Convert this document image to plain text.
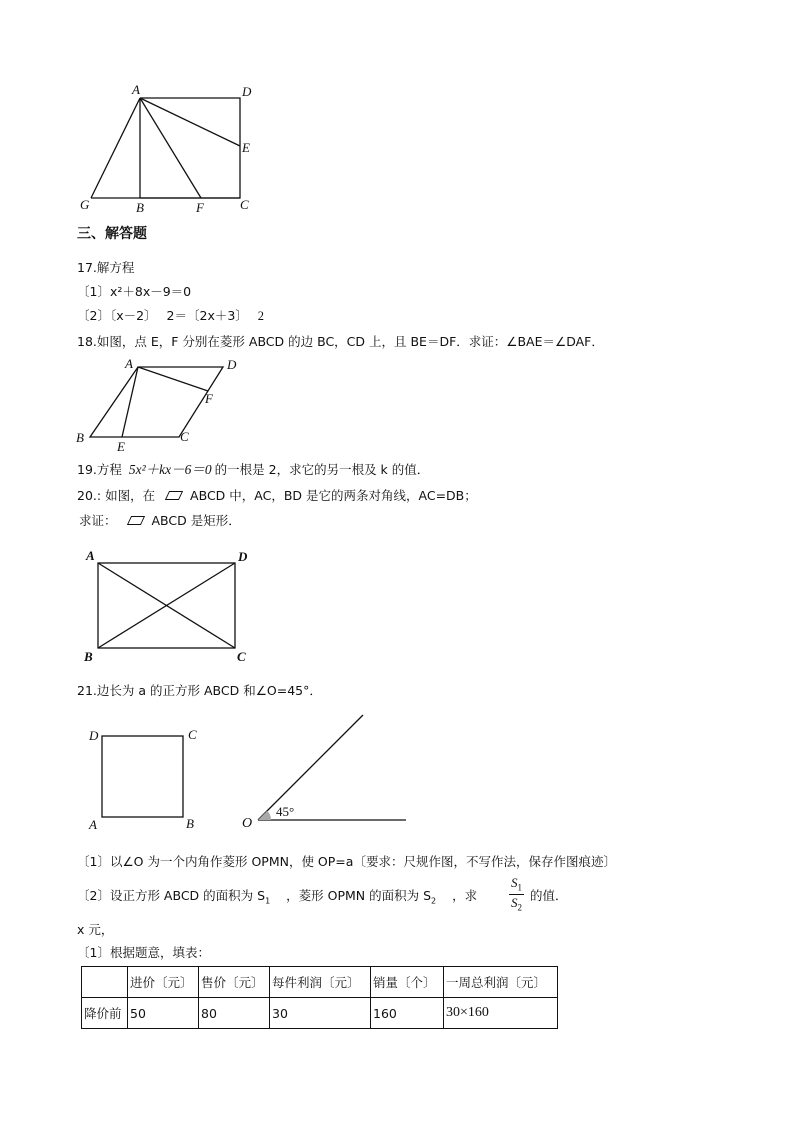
A	D
E
G	B	F	C
三、解答题
17.解方程
〔1〕x²＋8x－9＝0
〔2〕〔x－2〕 2＝〔2x＋3〕 2
18.如图，点 E，F 分别在菱形 ABCD 的边 BC，CD 上，且 BE＝DF．求证：∠BAE＝∠DAF．
A	D
F
B
E
C
19.方程 5x²＋kx－6＝0 的一根是 2，求它的另一根及 k 的值．
20.: 如图，在	ABCD 中，AC，BD 是它的两条对角线，AC=DB；
求证：	ABCD 是矩形．
A	D
B	C
21.边长为 a 的正方形 ABCD 和∠O=45°．
D	C
A	B	O
45°
〔1〕以∠O 为一个内角作菱形 OPMN，使 OP=a〔要求：尺规作图，不写作法，保存作图痕迹〕
〔2〕设正方形 ABCD 的面积为 $S_1$ ，菱形 OPMN 的面积为 $S_2$ ，求 $\frac{S_1}{S_2}$ 的值．
x 元，
〔1〕根据题意，填表：
	进价〔元〕	售价〔元〕	每件利润〔元〕	销量〔个〕	一周总利润〔元〕
降价前	50	80	30	160	30×160
